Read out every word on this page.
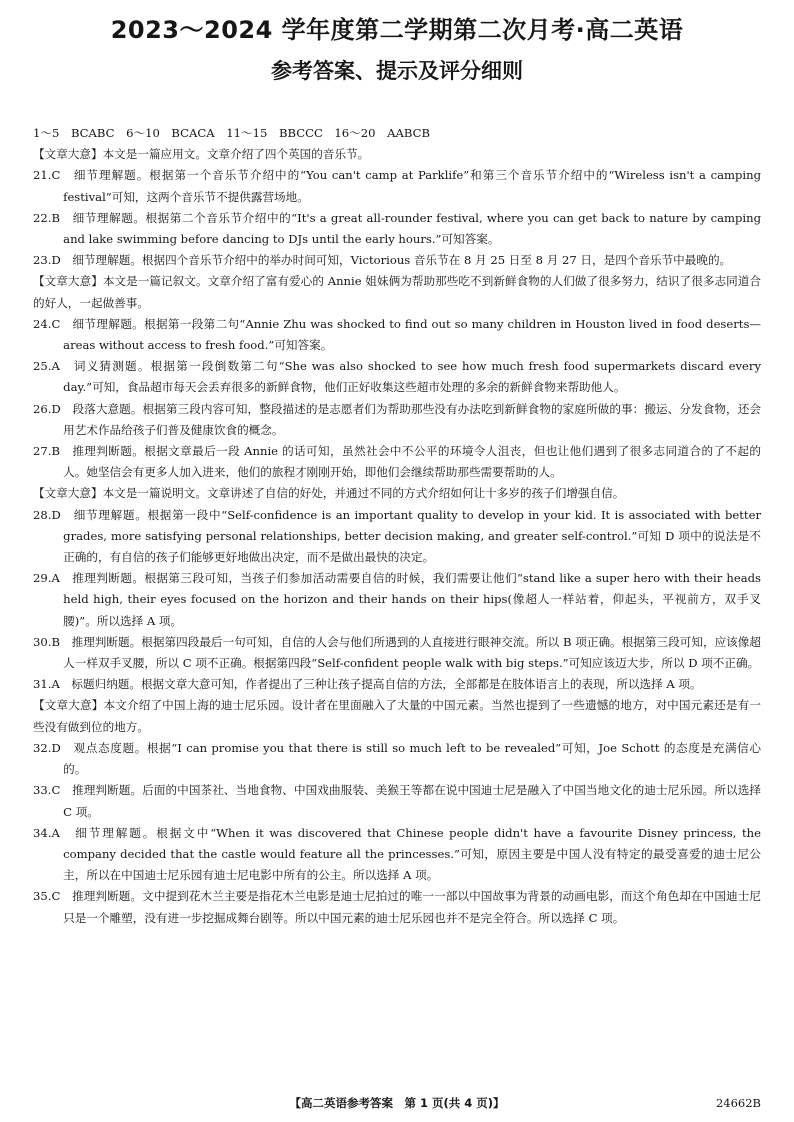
2023～2024 学年度第二学期第二次月考·高二英语
参考答案、提示及评分细则

1～5　BCABC　6～10　BCACA　11～15　BBCCC　16～20　AABCB

【文章大意】本文是一篇应用文。文章介绍了四个英国的音乐节。

21.C　细节理解题。根据第一个音乐节介绍中的“You can't camp at Parklife”和第三个音乐节介绍中的“Wireless isn't a camping festival”可知，这两个音乐节不提供露营场地。

22.B　细节理解题。根据第二个音乐节介绍中的“It's a great all-rounder festival, where you can get back to nature by camping and lake swimming before dancing to DJs until the early hours.”可知答案。

23.D　细节理解题。根据四个音乐节介绍中的举办时间可知，Victorious 音乐节在 8 月 25 日至 8 月 27 日，是四个音乐节中最晚的。

【文章大意】本文是一篇记叙文。文章介绍了富有爱心的 Annie 姐妹俩为帮助那些吃不到新鲜食物的人们做了很多努力，结识了很多志同道合的好人，一起做善事。

24.C　细节理解题。根据第一段第二句“Annie Zhu was shocked to find out so many children in Houston lived in food deserts—areas without access to fresh food.”可知答案。

25.A　词义猜测题。根据第一段倒数第二句“She was also shocked to see how much fresh food supermarkets discard every day.”可知，食品超市每天会丢弃很多的新鲜食物，他们正好收集这些超市处理的多余的新鲜食物来帮助他人。

26.D　段落大意题。根据第三段内容可知，整段描述的是志愿者们为帮助那些没有办法吃到新鲜食物的家庭所做的事：搬运、分发食物，还会用艺术作品给孩子们普及健康饮食的概念。

27.B　推理判断题。根据文章最后一段 Annie 的话可知，虽然社会中不公平的环境令人沮丧，但也让他们遇到了很多志同道合的了不起的人。她坚信会有更多人加入进来，他们的旅程才刚刚开始，即他们会继续帮助那些需要帮助的人。

【文章大意】本文是一篇说明文。文章讲述了自信的好处，并通过不同的方式介绍如何让十多岁的孩子们增强自信。

28.D　细节理解题。根据第一段中“Self-confidence is an important quality to develop in your kid. It is associated with better grades, more satisfying personal relationships, better decision making, and greater self-control.”可知 D 项中的说法是不正确的，有自信的孩子们能够更好地做出决定，而不是做出最快的决定。

29.A　推理判断题。根据第三段可知，当孩子们参加活动需要自信的时候，我们需要让他们“stand like a super hero with their heads held high, their eyes focused on the horizon and their hands on their hips(像超人一样站着，仰起头，平视前方，双手叉腰)”。所以选择 A 项。

30.B　推理判断题。根据第四段最后一句可知，自信的人会与他们所遇到的人直接进行眼神交流。所以 B 项正确。根据第三段可知，应该像超人一样双手叉腰，所以 C 项不正确。根据第四段“Self-confident people walk with big steps.”可知应该迈大步，所以 D 项不正确。

31.A　标题归纳题。根据文章大意可知，作者提出了三种让孩子提高自信的方法，全部都是在肢体语言上的表现，所以选择 A 项。

【文章大意】本文介绍了中国上海的迪士尼乐园。设计者在里面融入了大量的中国元素。当然也提到了一些遗憾的地方，对中国元素还是有一些没有做到位的地方。

32.D　观点态度题。根据“I can promise you that there is still so much left to be revealed”可知，Joe Schott 的态度是充满信心的。

33.C　推理判断题。后面的中国茶社、当地食物、中国戏曲服装、美猴王等都在说中国迪士尼是融入了中国当地文化的迪士尼乐园。所以选择 C 项。

34.A　细节理解题。根据文中“When it was discovered that Chinese people didn't have a favourite Disney princess, the company decided that the castle would feature all the princesses.”可知，原因主要是中国人没有特定的最受喜爱的迪士尼公主，所以在中国迪士尼乐园有迪士尼电影中所有的公主。所以选择 A 项。

35.C　推理判断题。文中提到花木兰主要是指花木兰电影是迪士尼拍过的唯一一部以中国故事为背景的动画电影，而这个角色却在中国迪士尼只是一个雕塑，没有进一步挖掘成舞台剧等。所以中国元素的迪士尼乐园也并不是完全符合。所以选择 C 项。

【高二英语参考答案　第 1 页(共 4 页)】	24662B
